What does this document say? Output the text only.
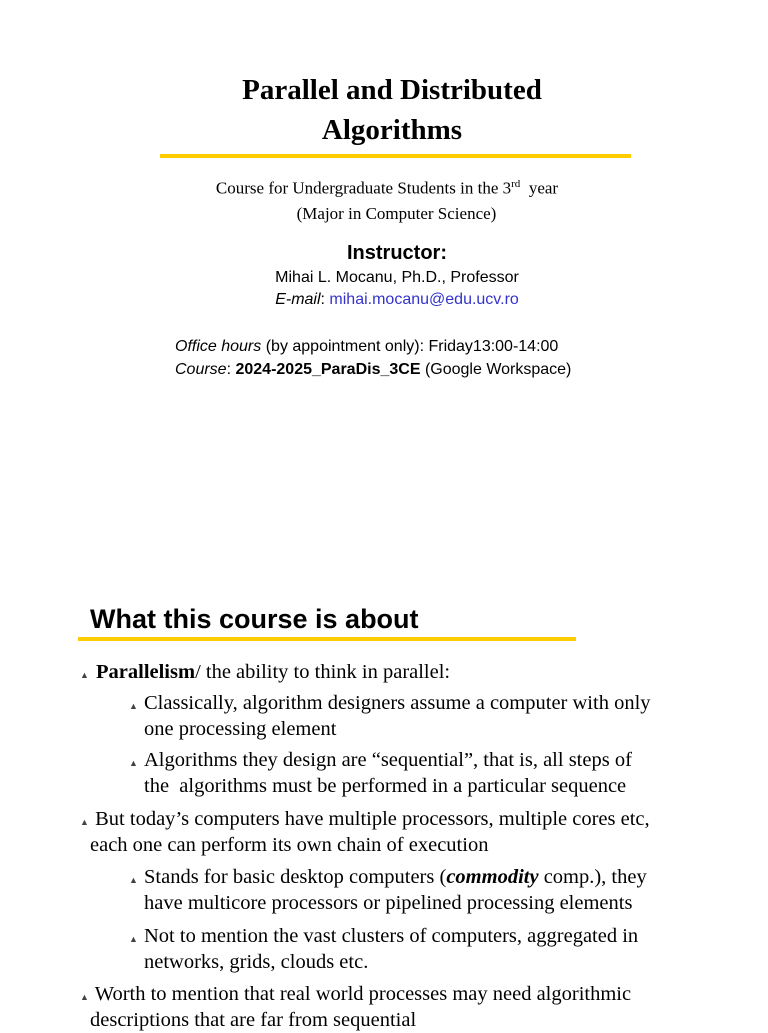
Parallel and Distributed
Algorithms
Course for Undergraduate Students in the 3rd  year
(Major in Computer Science)
Instructor:
Mihai L. Mocanu, Ph.D., Professor
E-mail: mihai.mocanu@edu.ucv.ro
Office hours (by appointment only): Friday13:00-14:00
Course: 2024-2025_ParaDis_3CE (Google Workspace)
What this course is about
▲ Parallelism/ the ability to think in parallel:
▲ Classically, algorithm designers assume a computer with only
one processing element
▲ Algorithms they design are “sequential”, that is, all steps of
the  algorithms must be performed in a particular sequence
▲ But today’s computers have multiple processors, multiple cores etc,
each one can perform its own chain of execution
▲ Stands for basic desktop computers (commodity comp.), they
have multicore processors or pipelined processing elements
▲ Not to mention the vast clusters of computers, aggregated in
networks, grids, clouds etc.
▲ Worth to mention that real world processes may need algorithmic
descriptions that are far from sequential
